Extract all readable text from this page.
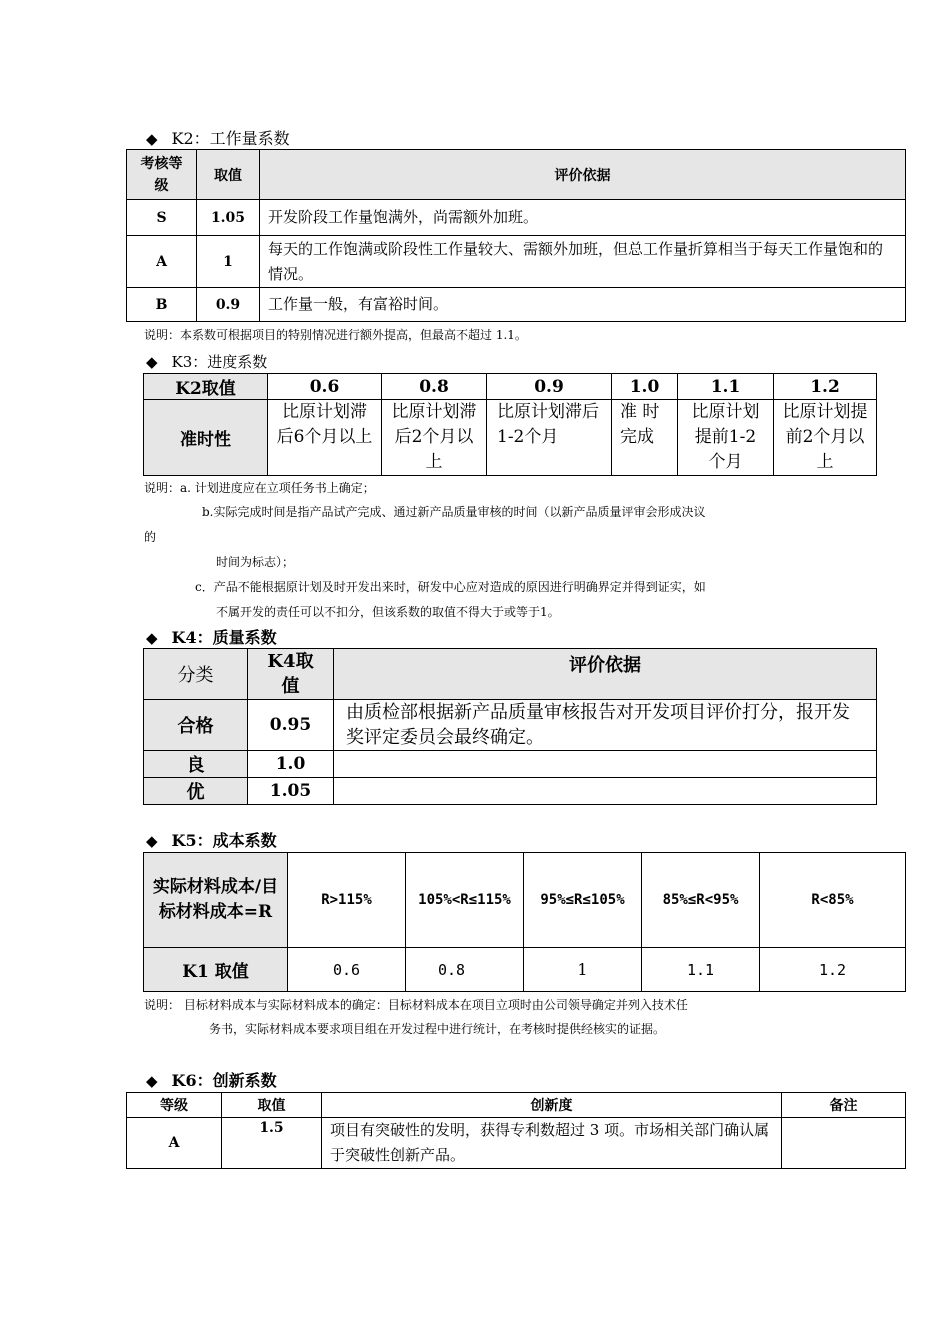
◆ K2：工作量系数
考核等级	取值	评价依据
S	1.05	开发阶段工作量饱满外，尚需额外加班。
A	1	每天的工作饱满或阶段性工作量较大、需额外加班，但总工作量折算相当于每天工作量饱和的情况。
B	0.9	工作量一般，有富裕时间。
说明：本系数可根据项目的特别情况进行额外提高，但最高不超过 1.1。
◆ K3：进度系数
K2取值	0.6	0.8	0.9	1.0	1.1	1.2
准时性	比原计划滞后6个月以上	比原计划滞后2个月以上	比原计划滞后1-2个月	准 时完成	比原计划提前1-2个月	比原计划提前2个月以上
说明：a. 计划进度应在立项任务书上确定；
b.实际完成时间是指产品试产完成、通过新产品质量审核的时间（以新产品质量评审会形成决议
的
时间为标志）；
c．产品不能根据原计划及时开发出来时，研发中心应对造成的原因进行明确界定并得到证实，如
不属开发的责任可以不扣分，但该系数的取值不得大于或等于1。
◆ K4：质量系数
分类	K4取值	评价依据
合格	0.95	由质检部根据新产品质量审核报告对开发项目评价打分，报开发奖评定委员会最终确定。
良	1.0	
优	1.05	
◆ K5：成本系数
实际材料成本/目标材料成本=R	R>115%	105%<R≤115%	95%≤R≤105%	85%≤R<95%	R<85%
K1 取值	0.6	0.8	1	1.1	1.2
说明： 目标材料成本与实际材料成本的确定：目标材料成本在项目立项时由公司领导确定并列入技术任
务书，实际材料成本要求项目组在开发过程中进行统计，在考核时提供经核实的证据。
◆ K6：创新系数
等级	取值	创新度	备注
A	1.5	项目有突破性的发明，获得专利数超过 3 项。市场相关部门确认属于突破性创新产品。	
